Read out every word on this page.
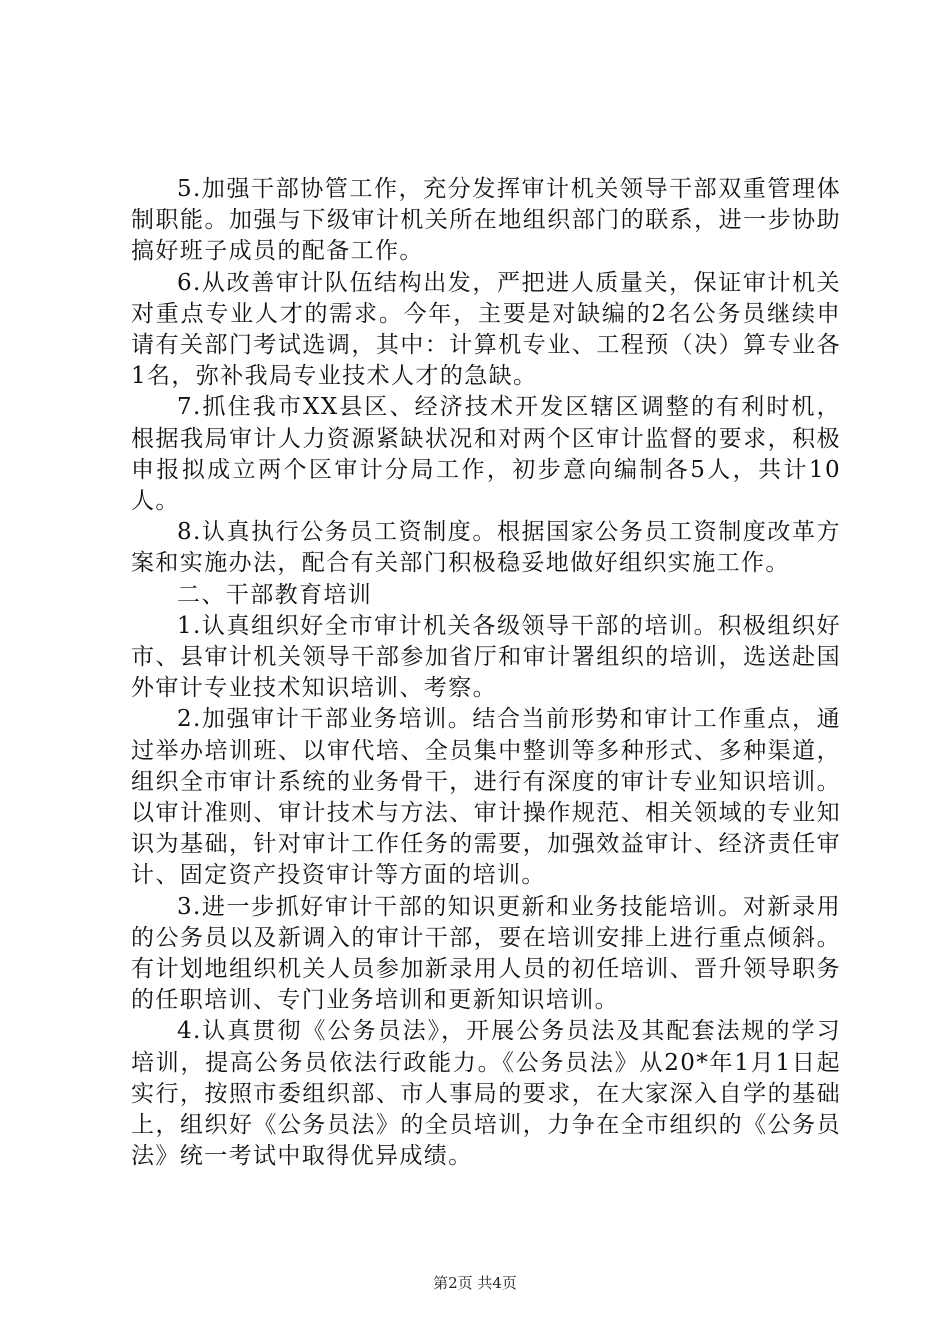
5.加强干部协管工作，充分发挥审计机关领导干部双重管理体制职能。加强与下级审计机关所在地组织部门的联系，进一步协助搞好班子成员的配备工作。

6.从改善审计队伍结构出发，严把进人质量关，保证审计机关对重点专业人才的需求。今年，主要是对缺编的2名公务员继续申请有关部门考试选调，其中：计算机专业、工程预（决）算专业各1名，弥补我局专业技术人才的急缺。

7.抓住我市XX县区、经济技术开发区辖区调整的有利时机，根据我局审计人力资源紧缺状况和对两个区审计监督的要求，积极申报拟成立两个区审计分局工作，初步意向编制各5人，共计10人。

8.认真执行公务员工资制度。根据国家公务员工资制度改革方案和实施办法，配合有关部门积极稳妥地做好组织实施工作。

二、干部教育培训

1.认真组织好全市审计机关各级领导干部的培训。积极组织好市、县审计机关领导干部参加省厅和审计署组织的培训，选送赴国外审计专业技术知识培训、考察。

2.加强审计干部业务培训。结合当前形势和审计工作重点，通过举办培训班、以审代培、全员集中整训等多种形式、多种渠道，组织全市审计系统的业务骨干，进行有深度的审计专业知识培训。以审计准则、审计技术与方法、审计操作规范、相关领域的专业知识为基础，针对审计工作任务的需要，加强效益审计、经济责任审计、固定资产投资审计等方面的培训。

3.进一步抓好审计干部的知识更新和业务技能培训。对新录用的公务员以及新调入的审计干部，要在培训安排上进行重点倾斜。有计划地组织机关人员参加新录用人员的初任培训、晋升领导职务的任职培训、专门业务培训和更新知识培训。

4.认真贯彻《公务员法》，开展公务员法及其配套法规的学习培训，提高公务员依法行政能力。《公务员法》从20*年1月1日起实行，按照市委组织部、市人事局的要求，在大家深入自学的基础上，组织好《公务员法》的全员培训，力争在全市组织的《公务员法》统一考试中取得优异成绩。

第2页 共4页
